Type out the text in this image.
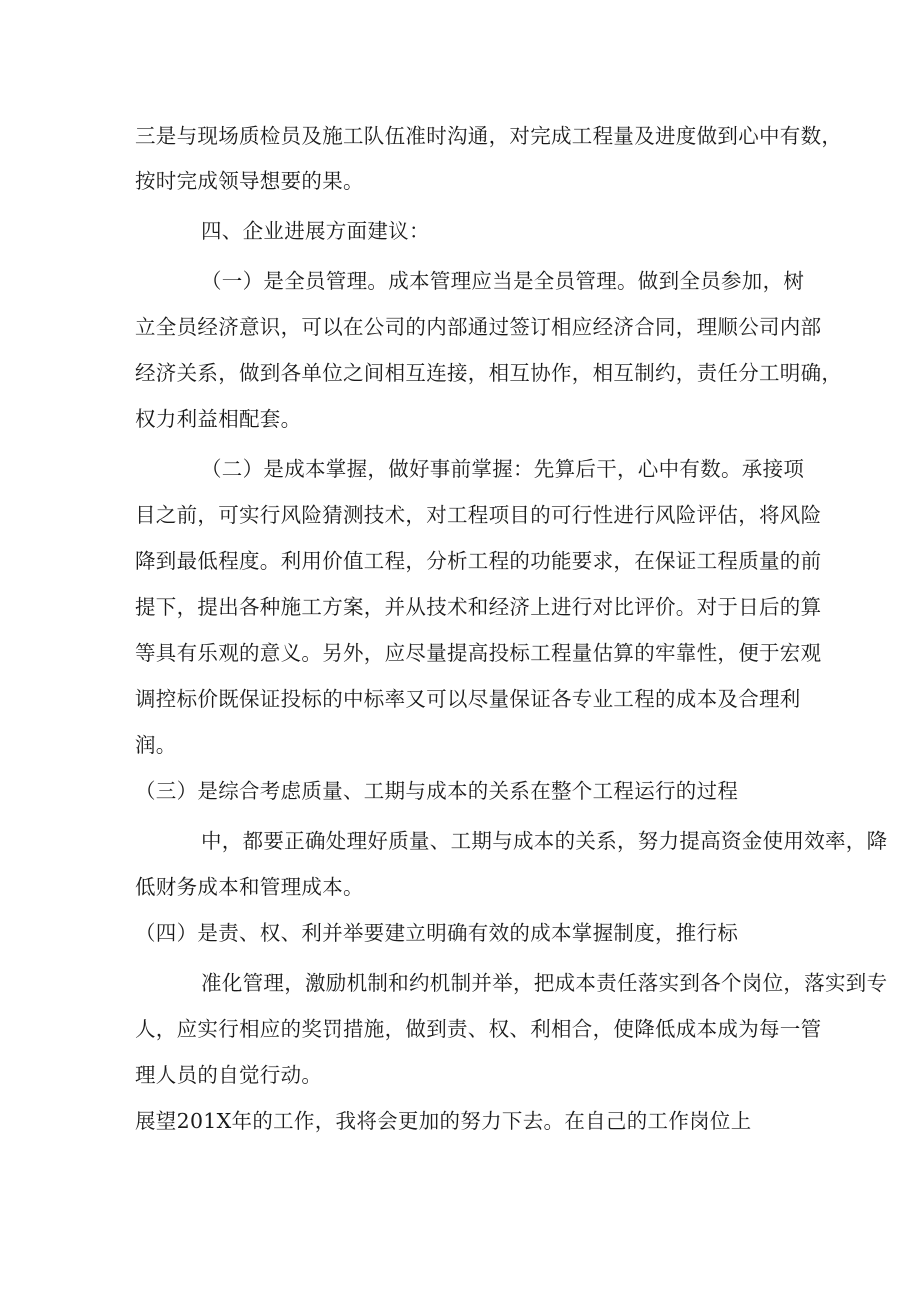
三是与现场质检员及施工队伍准时沟通，对完成工程量及进度做到心中有数，
按时完成领导想要的果。
四、企业进展方面建议：
（一）是全员管理。成本管理应当是全员管理。做到全员参加，树
立全员经济意识，可以在公司的内部通过签订相应经济合同，理顺公司内部
经济关系，做到各单位之间相互连接，相互协作，相互制约，责任分工明确，
权力利益相配套。
（二）是成本掌握，做好事前掌握：先算后干，心中有数。承接项
目之前，可实行风险猜测技术，对工程项目的可行性进行风险评估，将风险
降到最低程度。利用价值工程，分析工程的功能要求，在保证工程质量的前
提下，提出各种施工方案，并从技术和经济上进行对比评价。对于日后的算
等具有乐观的意义。另外，应尽量提高投标工程量估算的牢靠性，便于宏观
调控标价既保证投标的中标率又可以尽量保证各专业工程的成本及合理利
润。
（三）是综合考虑质量、工期与成本的关系在整个工程运行的过程
中，都要正确处理好质量、工期与成本的关系，努力提高资金使用效率，降
低财务成本和管理成本。
（四）是责、权、利并举要建立明确有效的成本掌握制度，推行标
准化管理，激励机制和约机制并举，把成本责任落实到各个岗位，落实到专
人，应实行相应的奖罚措施，做到责、权、利相合，使降低成本成为每一管
理人员的自觉行动。
展望201X年的工作，我将会更加的努力下去。在自己的工作岗位上
